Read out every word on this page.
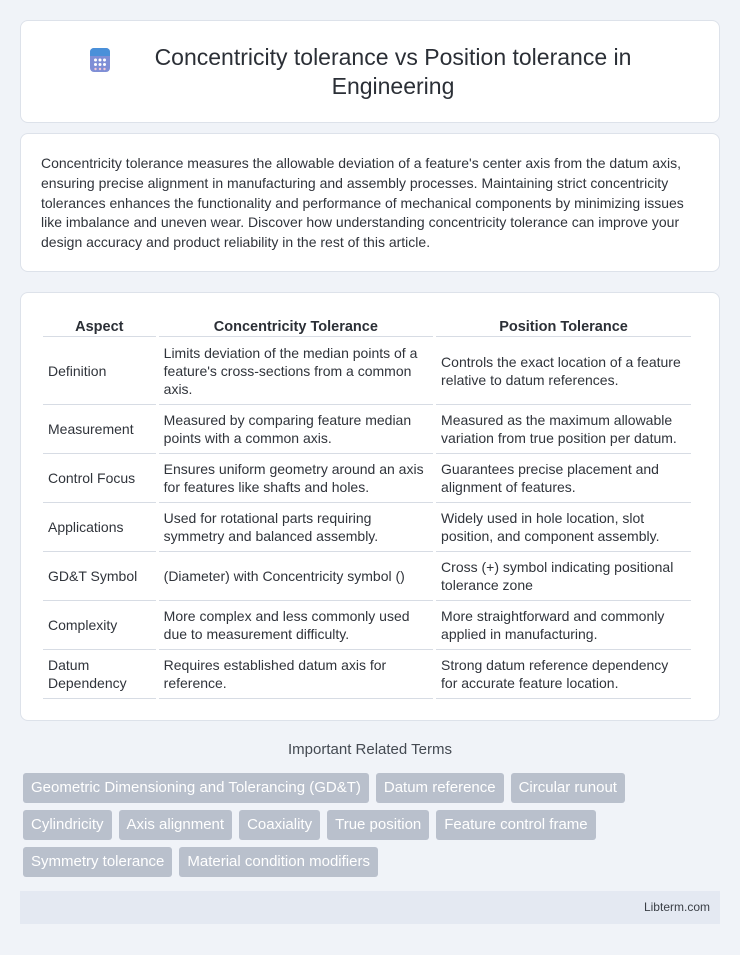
Concentricity tolerance vs Position tolerance in Engineering

Concentricity tolerance measures the allowable deviation of a feature's center axis from the datum axis, ensuring precise alignment in manufacturing and assembly processes. Maintaining strict concentricity tolerances enhances the functionality and performance of mechanical components by minimizing issues like imbalance and uneven wear. Discover how understanding concentricity tolerance can improve your design accuracy and product reliability in the rest of this article.

Aspect	Concentricity Tolerance	Position Tolerance
Definition	Limits deviation of the median points of a feature's cross-sections from a common axis.	Controls the exact location of a feature relative to datum references.
Measurement	Measured by comparing feature median points with a common axis.	Measured as the maximum allowable variation from true position per datum.
Control Focus	Ensures uniform geometry around an axis for features like shafts and holes.	Guarantees precise placement and alignment of features.
Applications	Used for rotational parts requiring symmetry and balanced assembly.	Widely used in hole location, slot position, and component assembly.
GD&T Symbol	(Diameter) with Concentricity symbol ()	Cross (+) symbol indicating positional tolerance zone
Complexity	More complex and less commonly used due to measurement difficulty.	More straightforward and commonly applied in manufacturing.
Datum Dependency	Requires established datum axis for reference.	Strong datum reference dependency for accurate feature location.
Important Related Terms
Geometric Dimensioning and Tolerancing (GD&T)	Datum reference	Circular runout
Cylindricity	Axis alignment	Coaxiality	True position	Feature control frame
Symmetry tolerance	Material condition modifiers
Libterm.com
